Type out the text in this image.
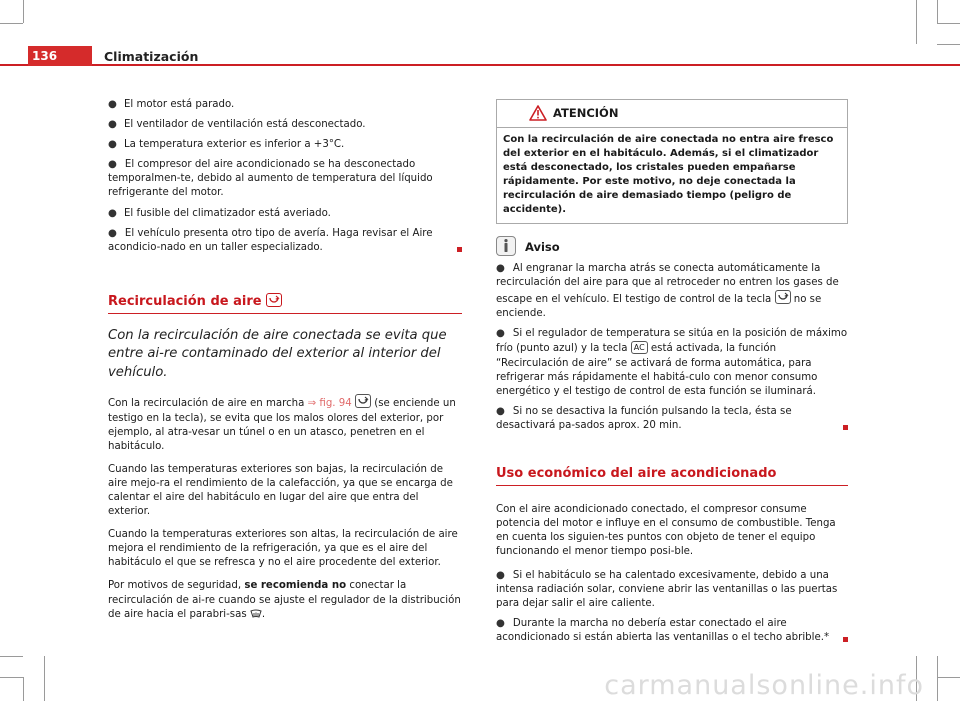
136	Climatización
● El motor está parado.
● El ventilador de ventilación está desconectado.
● La temperatura exterior es inferior a +3°C.
● El compresor del aire acondicionado se ha desconectado temporalmen-te, debido al aumento de temperatura del líquido refrigerante del motor.
● El fusible del climatizador está averiado.
● El vehículo presenta otro tipo de avería. Haga revisar el Aire acondicio-nado en un taller especializado.
Recirculación de aire
Con la recirculación de aire conectada se evita que entre ai-re contaminado del exterior al interior del vehículo.

Con la recirculación de aire en marcha ⇒ fig. 94
(se enciende un testigo en la tecla), se evita que los malos olores del exterior, por ejemplo, al atra-vesar un túnel o en un atasco, penetren en el habitáculo.

Cuando las temperaturas exteriores son bajas, la recirculación de aire mejo-ra el rendimiento de la calefacción, ya que se encarga de calentar el aire del habitáculo en lugar del aire que entra del exterior.

Cuando la temperaturas exteriores son altas, la recirculación de aire mejora el rendimiento de la refrigeración, ya que es el aire del habitáculo el que se refresca y no el aire procedente del exterior.

Por motivos de seguridad, se recomienda no conectar la recirculación de ai-re cuando se ajuste el regulador de la distribución de aire hacia el parabri-sas .

ATENCIÓN
Con la recirculación de aire conectada no entra aire fresco del exterior en el habitáculo. Además, si el climatizador está desconectado, los cristales pueden empañarse rápidamente. Por este motivo, no deje conectada la recirculación de aire demasiado tiempo (peligro de accidente).
Aviso
● Al engranar la marcha atrás se conecta automáticamente la recirculación del aire para que al retroceder no entren los gases de escape en el vehículo. El testigo de control de la tecla
no se enciende.
● Si el regulador de temperatura se sitúa en la posición de máximo frío (punto azul) y la tecla AC está activada, la función “Recirculación de aire” se activará de forma automática, para refrigerar más rápidamente el habitá-culo con menor consumo energético y el testigo de control de esta función se iluminará.
● Si no se desactiva la función pulsando la tecla, ésta se desactivará pa-sados aprox. 20 min.
Uso económico del aire acondicionado

Con el aire acondicionado conectado, el compresor consume potencia del motor e influye en el consumo de combustible. Tenga en cuenta los siguien-tes puntos con objeto de tener el equipo funcionando el menor tiempo posi-ble.

● Si el habitáculo se ha calentado excesivamente, debido a una intensa radiación solar, conviene abrir las ventanillas o las puertas para dejar salir el aire caliente.
● Durante la marcha no debería estar conectado el aire acondicionado si están abierta las ventanillas o el techo abrible.*
carmanualsonline.info
